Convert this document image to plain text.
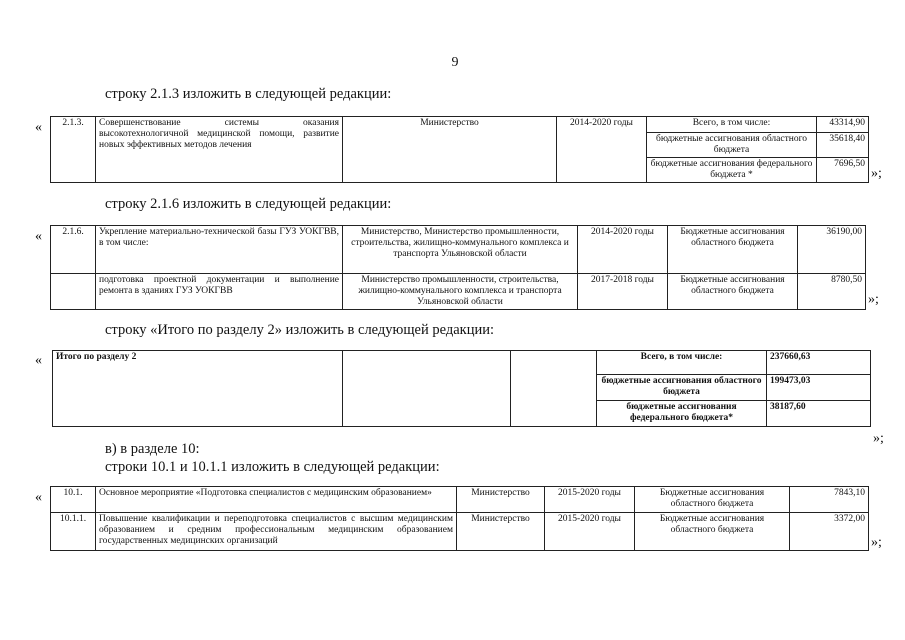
9
строку 2.1.3 изложить в следующей редакции:
« 2.1.3.	Совершенствование системы оказания высокотехнологичной медицинской помощи, развитие новых эффективных методов лечения	Министерство	2014-2020 годы	Всего, в том числе:	43314,90
				бюджетные ассигнования областного бюджета	35618,40
				бюджетные ассигнования федерального бюджета *	7696,50
»;
строку 2.1.6 изложить в следующей редакции:
« 2.1.6.	Укрепление материально-технической базы ГУЗ УОКГВВ, в том числе:	Министерство, Министерство промышленности, строительства, жилищно-коммунального комплекса и транспорта Ульяновской области	2014-2020 годы	Бюджетные ассигнования областного бюджета	36190,00
	подготовка проектной документации и выполнение ремонта в зданиях ГУЗ УОКГВВ	Министерство промышленности, строительства, жилищно-коммунального комплекса и транспорта Ульяновской области	2017-2018 годы	Бюджетные ассигнования областного бюджета	8780,50
»;
строку «Итого по разделу 2» изложить в следующей редакции:
« Итого по разделу 2			Всего, в том числе:	237660,63
			бюджетные ассигнования областного бюджета	199473,03
			бюджетные ассигнования федерального бюджета*	38187,60
»;
в) в разделе 10:
строки 10.1 и 10.1.1 изложить в следующей редакции:
« 10.1.	Основное мероприятие «Подготовка специалистов с медицинским образованием»	Министерство	2015-2020 годы	Бюджетные ассигнования областного бюджета	7843,10
10.1.1.	Повышение квалификации и переподготовка специалистов с высшим медицинским образованием и средним профессиональным медицинским образованием государственных медицинских организаций	Министерство	2015-2020 годы	Бюджетные ассигнования областного бюджета	3372,00
»;
